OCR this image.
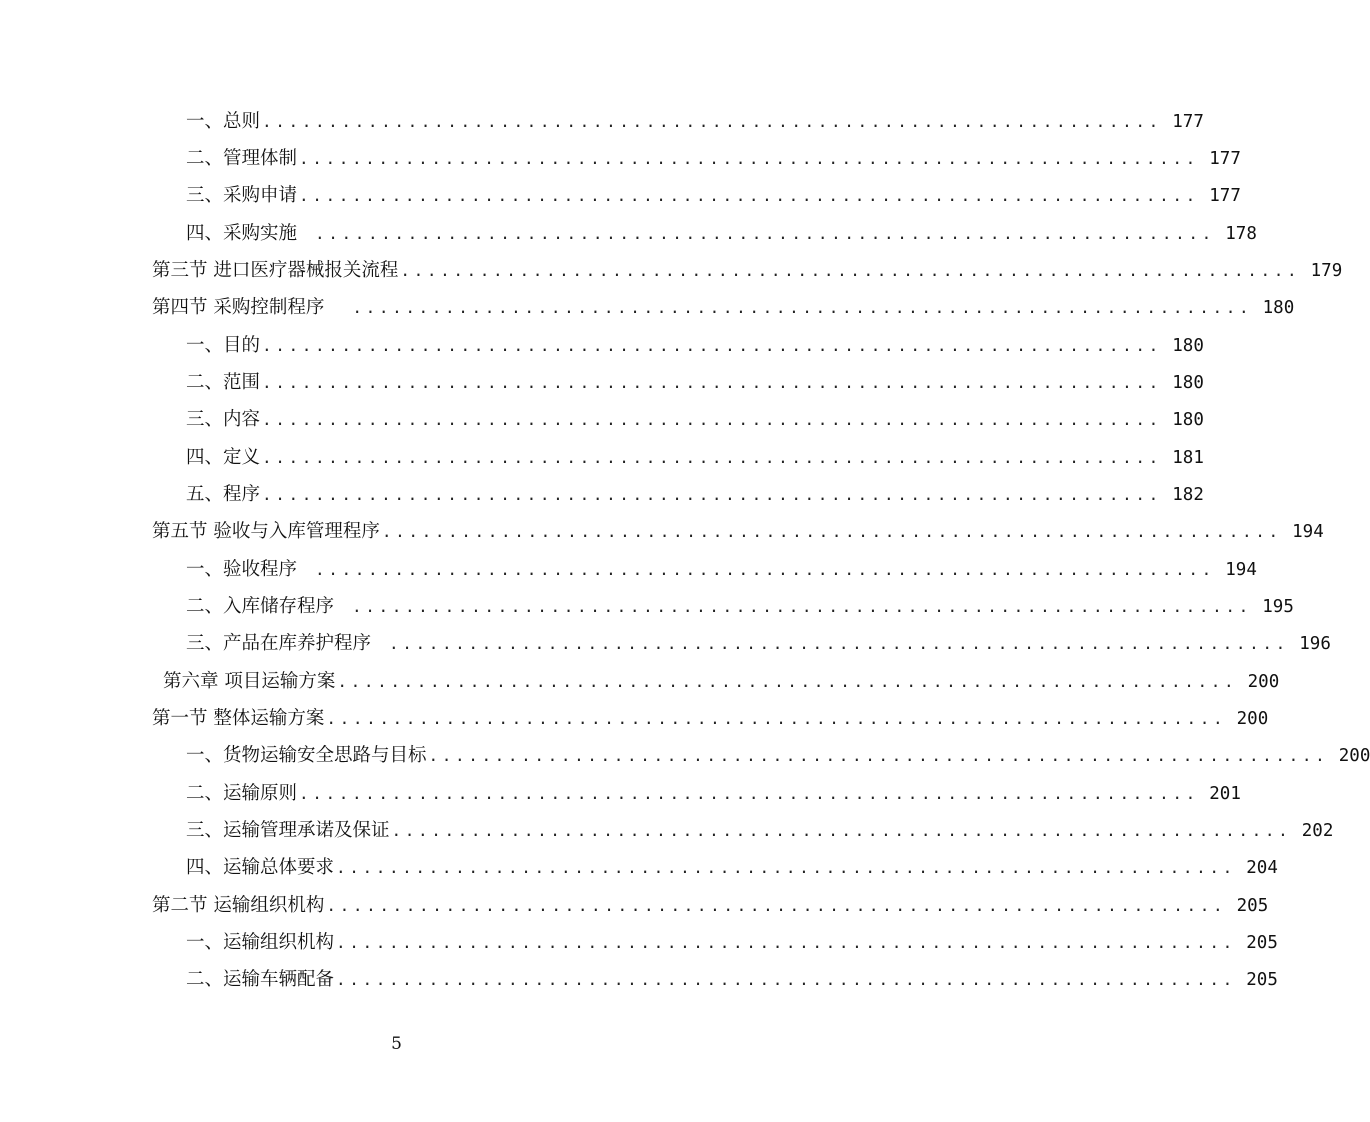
一、总则 .................................................................... 177
二、管理体制 .................................................................... 177
三、采购申请 .................................................................... 177
四、采购实施 .................................................................... 178
第三节 进口医疗器械报关流程 .................................................................... 179
第四节 采购控制程序 .................................................................... 180
一、目的 .................................................................... 180
二、范围 .................................................................... 180
三、内容 .................................................................... 180
四、定义 .................................................................... 181
五、程序 .................................................................... 182
第五节 验收与入库管理程序 .................................................................... 194
一、验收程序 .................................................................... 194
二、入库储存程序 .................................................................... 195
三、产品在库养护程序 .................................................................... 196
第六章 项目运输方案 .................................................................... 200
第一节 整体运输方案 .................................................................... 200
一、货物运输安全思路与目标 .................................................................... 200
二、运输原则 .................................................................... 201
三、运输管理承诺及保证 .................................................................... 202
四、运输总体要求 .................................................................... 204
第二节 运输组织机构 .................................................................... 205
一、运输组织机构 .................................................................... 205
二、运输车辆配备 .................................................................... 205
5
